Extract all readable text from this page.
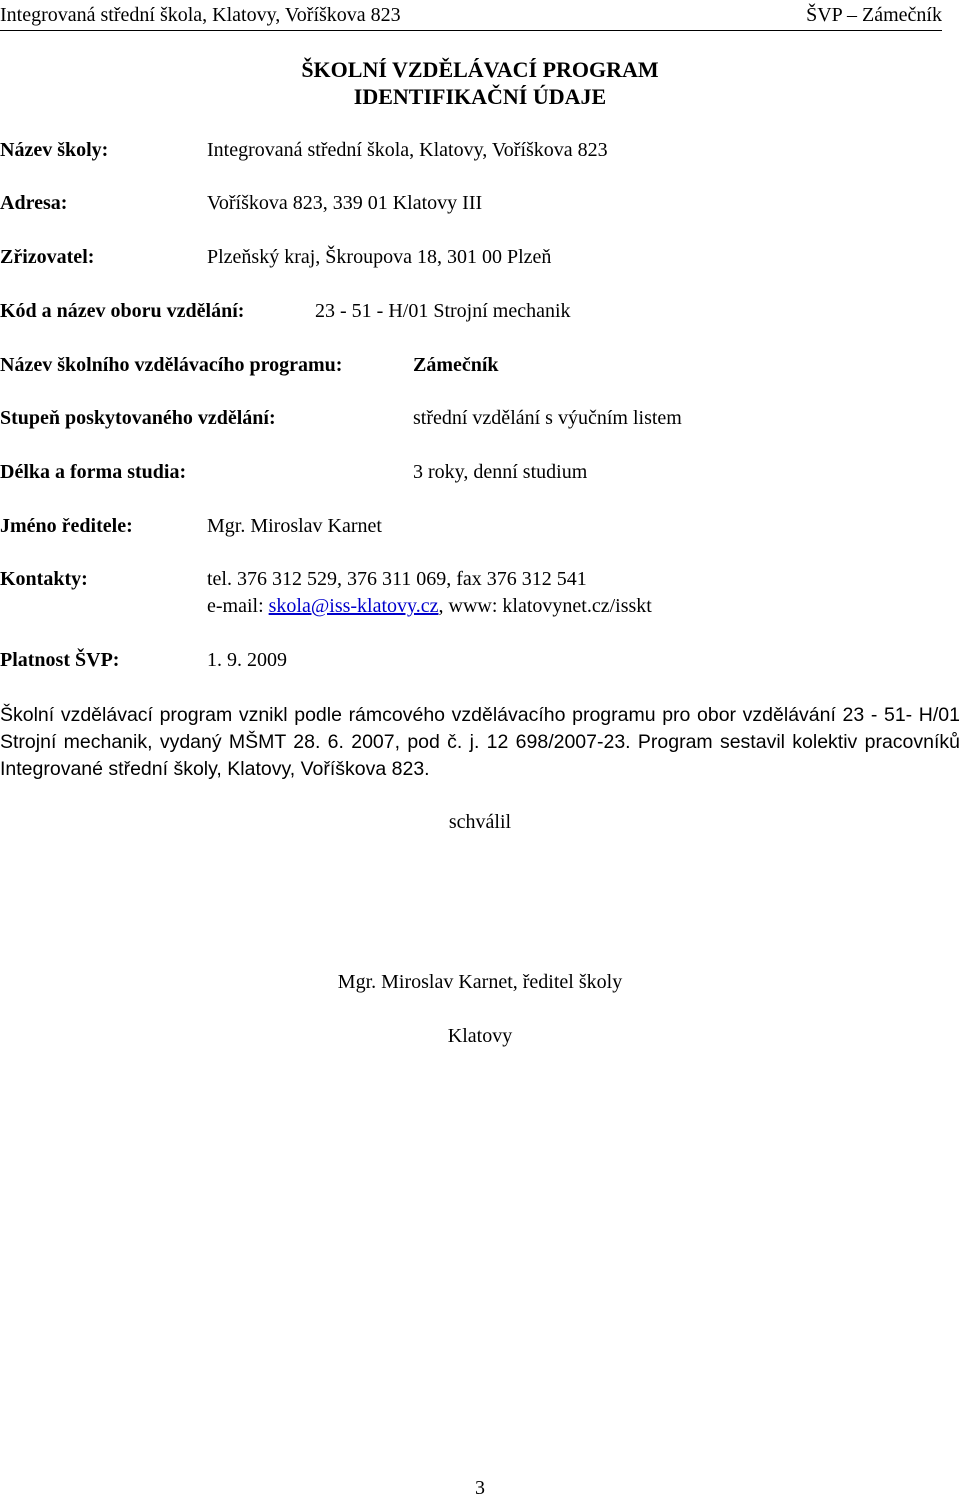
Integrovaná střední škola, Klatovy, Voříškova 823	ŠVP – Zámečník
ŠKOLNÍ VZDĚLÁVACÍ PROGRAM
IDENTIFIKAČNÍ ÚDAJE
Název školy:	Integrovaná střední škola, Klatovy, Voříškova 823
Adresa:	Voříškova 823, 339 01 Klatovy III
Zřizovatel:	Plzeňský kraj, Škroupova 18, 301 00 Plzeň
Kód a název oboru vzdělání:	23 - 51 - H/01 Strojní mechanik
Název školního vzdělávacího programu:	Zámečník
Stupeň poskytovaného vzdělání:	střední vzdělání s výučním listem
Délka a forma studia:	3 roky, denní studium
Jméno ředitele:	Mgr. Miroslav Karnet
Kontakty:	tel. 376 312 529, 376 311 069, fax 376 312 541
e-mail: skola@iss-klatovy.cz, www: klatovynet.cz/isskt
Platnost ŠVP:	1. 9. 2009
Školní vzdělávací program vznikl podle rámcového vzdělávacího programu pro obor vzdělávání 23 - 51- H/01 Strojní mechanik, vydaný MŠMT 28. 6. 2007, pod č. j. 12 698/2007-23. Program sestavil kolektiv pracovníků Integrované střední školy, Klatovy, Voříškova 823.
schválil
Mgr. Miroslav Karnet, ředitel školy
Klatovy
3
